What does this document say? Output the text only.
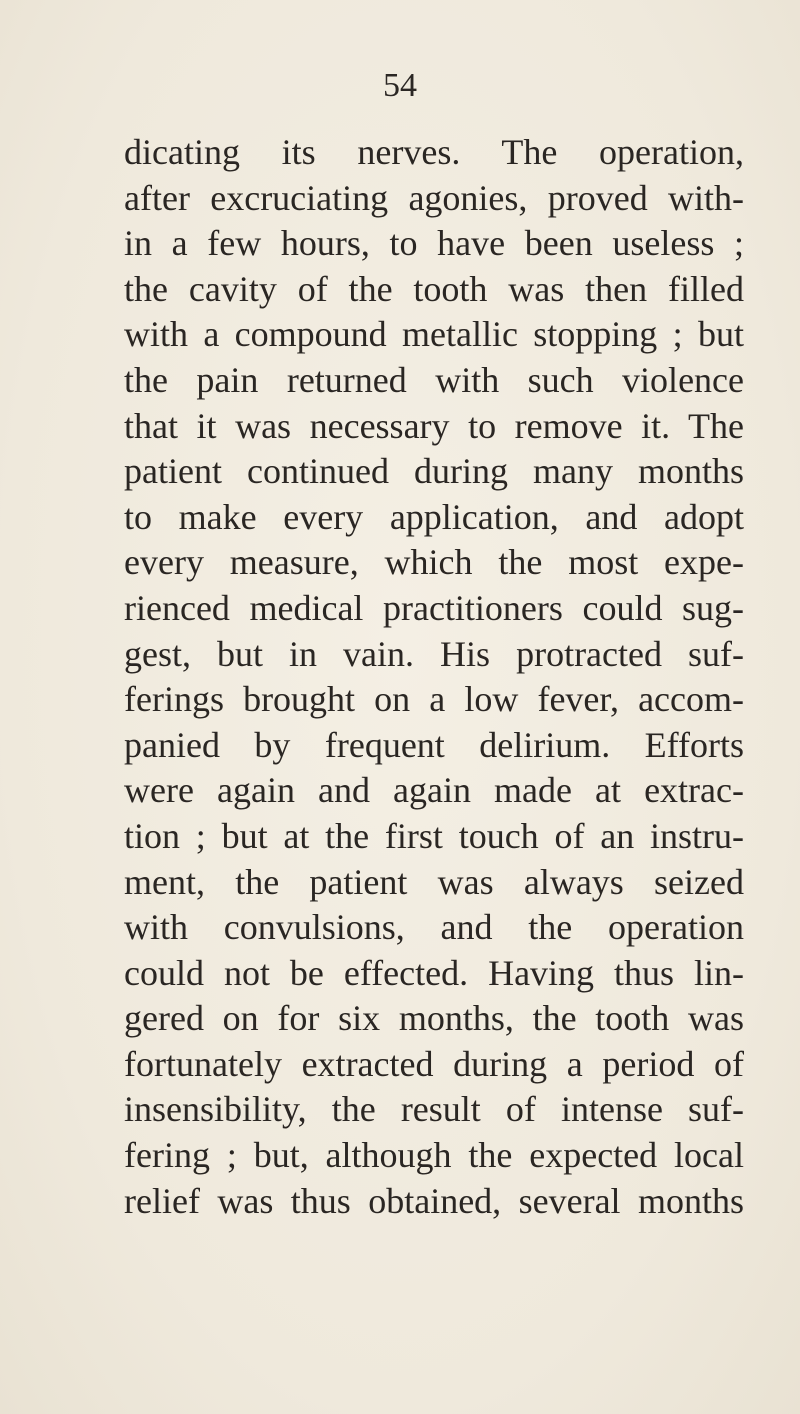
54
dicating its nerves. The operation,
after excruciating agonies, proved with-
in a few hours, to have been useless ;
the cavity of the tooth was then filled
with a compound metallic stopping ; but
the pain returned with such violence
that it was necessary to remove it. The
patient continued during many months
to make every application, and adopt
every measure, which the most expe-
rienced medical practitioners could sug-
gest, but in vain. His protracted suf-
ferings brought on a low fever, accom-
panied by frequent delirium. Efforts
were again and again made at extrac-
tion ; but at the first touch of an instru-
ment, the patient was always seized
with convulsions, and the operation
could not be effected. Having thus lin-
gered on for six months, the tooth was
fortunately extracted during a period of
insensibility, the result of intense suf-
fering ; but, although the expected local
relief was thus obtained, several months
